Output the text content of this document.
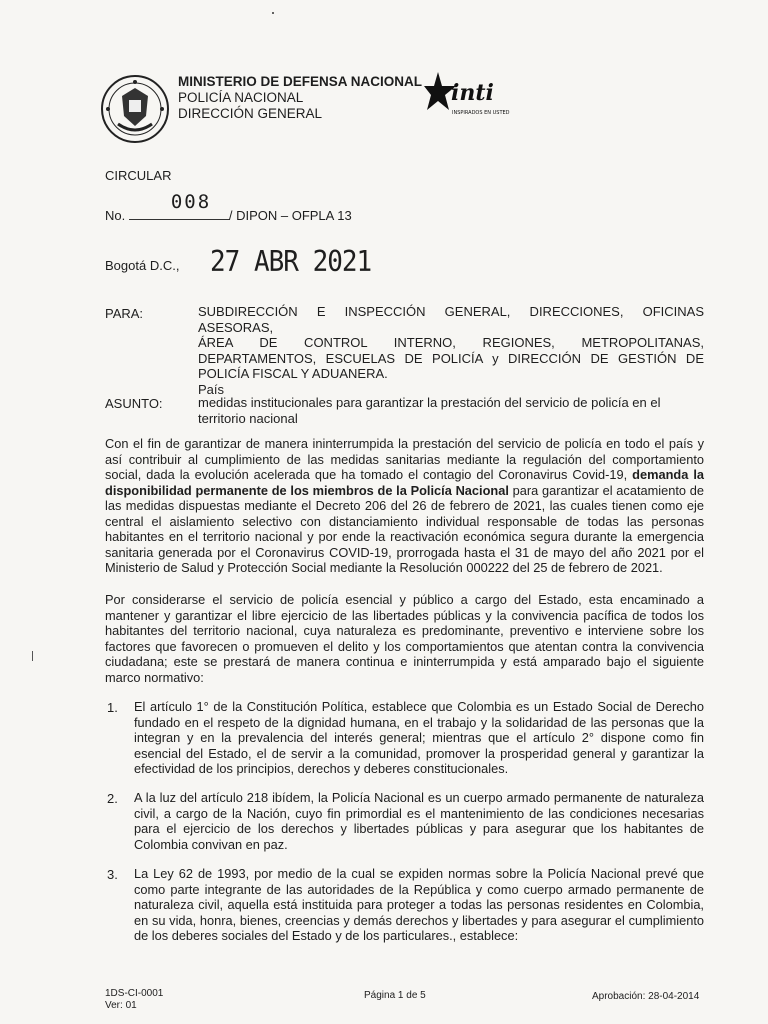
MINISTERIO DE DEFENSA NACIONAL
POLICÍA NACIONAL
DIRECCIÓN GENERAL
inti
INSPIRADOS EN USTED
CIRCULAR
No.
008
/ DIPON – OFPLA 13
Bogotá D.C., 27 ABR 2021
PARA:	SUBDIRECCIÓN E INSPECCIÓN GENERAL, DIRECCIONES, OFICINAS ASESORAS,
ÁREA DE CONTROL INTERNO, REGIONES, METROPOLITANAS,
DEPARTAMENTOS, ESCUELAS DE POLICÍA y DIRECCIÓN DE GESTIÓN DE
POLICÍA FISCAL Y ADUANERA.
País
ASUNTO:	medidas institucionales para garantizar la prestación del servicio de policía en el territorio nacional
Con el fin de garantizar de manera ininterrumpida la prestación del servicio de policía en todo el país y así contribuir al cumplimiento de las medidas sanitarias mediante la regulación del comportamiento social, dada la evolución acelerada que ha tomado el contagio del Coronavirus Covid-19, demanda la disponibilidad permanente de los miembros de la Policía Nacional para garantizar el acatamiento de las medidas dispuestas mediante el Decreto 206 del 26 de febrero de 2021, las cuales tienen como eje central el aislamiento selectivo con distanciamiento individual responsable de todas las personas habitantes en el territorio nacional y por ende la reactivación económica segura durante la emergencia sanitaria generada por el Coronavirus COVID-19, prorrogada hasta el 31 de mayo del año 2021 por el Ministerio de Salud y Protección Social mediante la Resolución 000222 del 25 de febrero de 2021.
Por considerarse el servicio de policía esencial y público a cargo del Estado, esta encaminado a mantener y garantizar el libre ejercicio de las libertades públicas y la convivencia pacífica de todos los habitantes del territorio nacional, cuya naturaleza es predominante, preventivo e interviene sobre los factores que favorecen o promueven el delito y los comportamientos que atentan contra la convivencia ciudadana; este se prestará de manera continua e ininterrumpida y está amparado bajo el siguiente marco normativo:
1. El artículo 1° de la Constitución Política, establece que Colombia es un Estado Social de Derecho fundado en el respeto de la dignidad humana, en el trabajo y la solidaridad de las personas que la integran y en la prevalencia del interés general; mientras que el artículo 2° dispone como fin esencial del Estado, el de servir a la comunidad, promover la prosperidad general y garantizar la efectividad de los principios, derechos y deberes constitucionales.
2. A la luz del artículo 218 ibídem, la Policía Nacional es un cuerpo armado permanente de naturaleza civil, a cargo de la Nación, cuyo fin primordial es el mantenimiento de las condiciones necesarias para el ejercicio de los derechos y libertades públicas y para asegurar que los habitantes de Colombia convivan en paz.
3. La Ley 62 de 1993, por medio de la cual se expiden normas sobre la Policía Nacional prevé que como parte integrante de las autoridades de la República y como cuerpo armado permanente de naturaleza civil, aquella está instituida para proteger a todas las personas residentes en Colombia, en su vida, honra, bienes, creencias y demás derechos y libertades y para asegurar el cumplimiento de los deberes sociales del Estado y de los particulares., establece:
1DS-CI-0001
Ver: 01
Página 1 de 5	Aprobación: 28-04-2014
